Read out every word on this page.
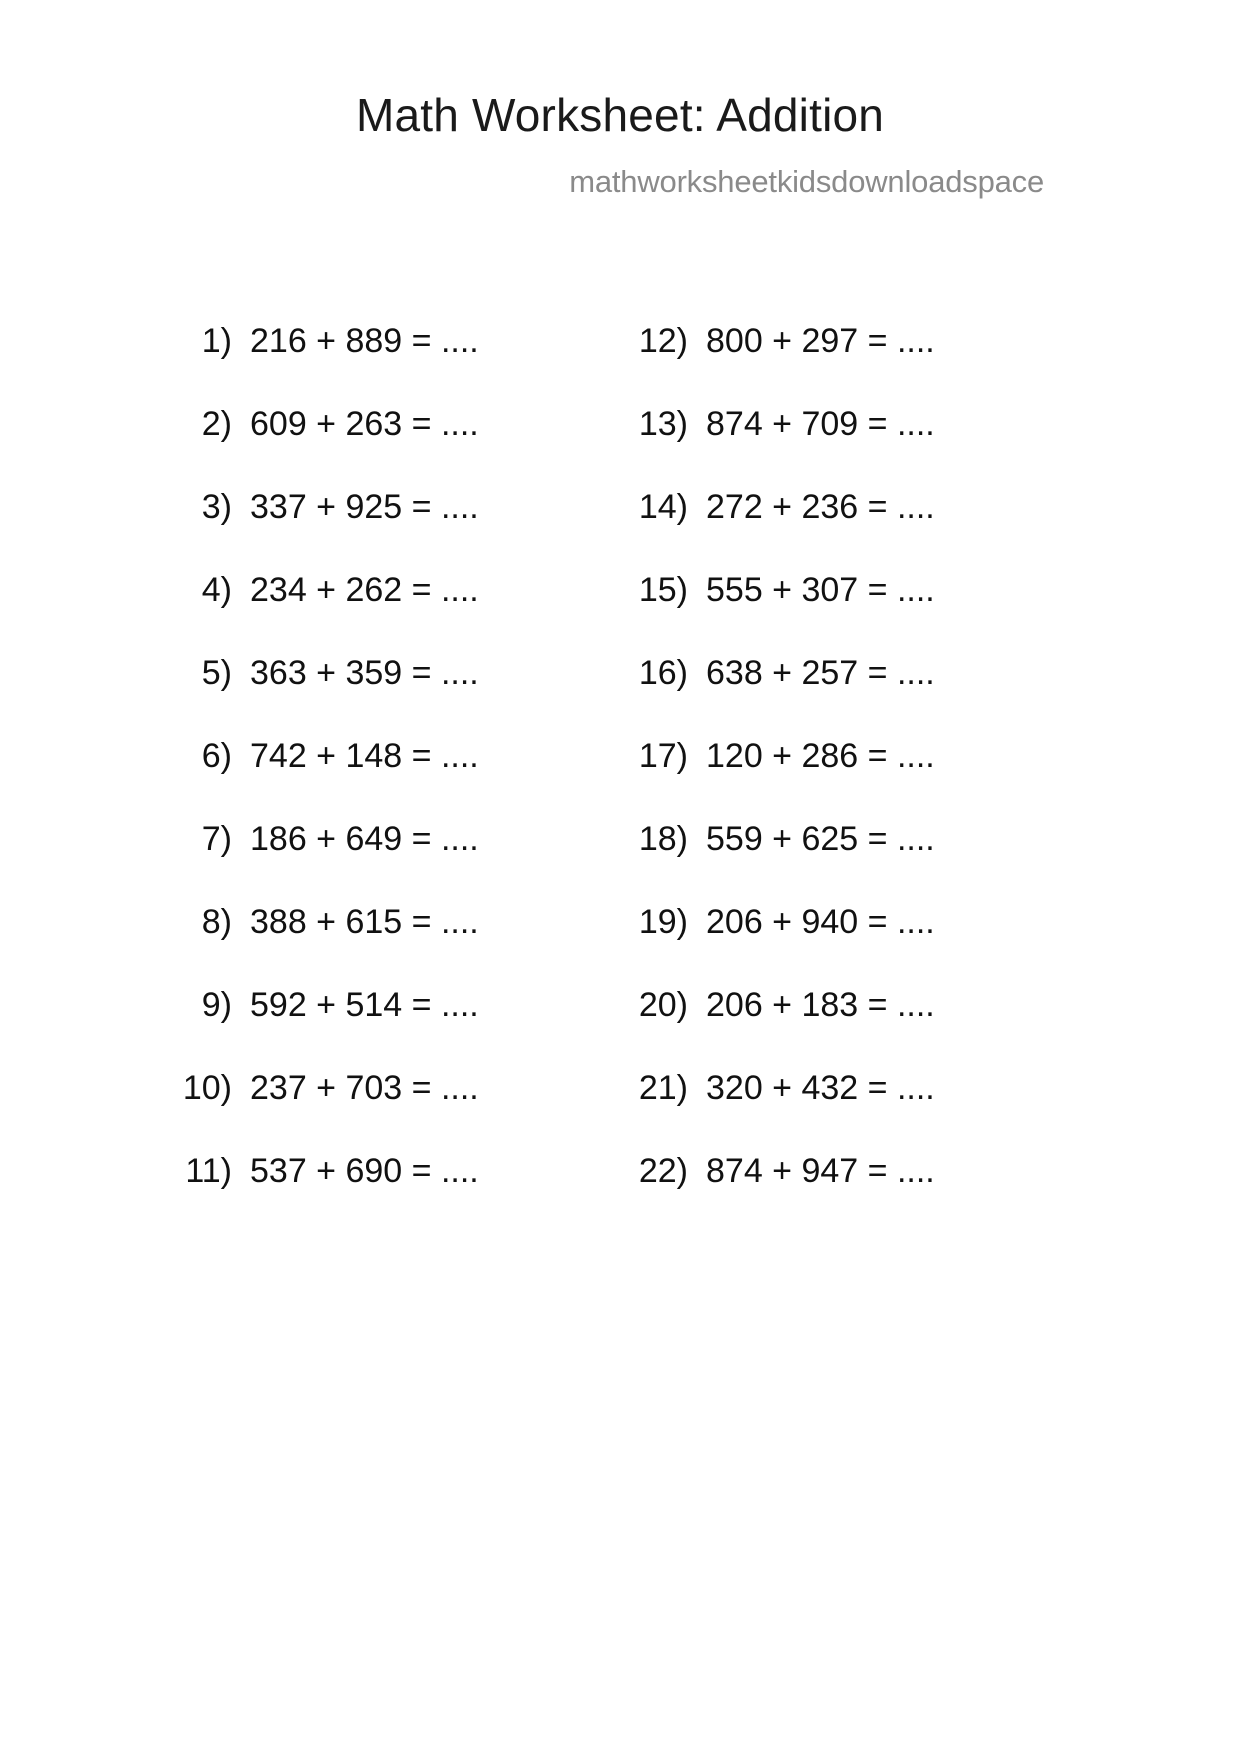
Math Worksheet: Addition
mathworksheetkidsdownloadspace
1) 216 + 889 = ....
2) 609 + 263 = ....
3) 337 + 925 = ....
4) 234 + 262 = ....
5) 363 + 359 = ....
6) 742 + 148 = ....
7) 186 + 649 = ....
8) 388 + 615 = ....
9) 592 + 514 = ....
10) 237 + 703 = ....
11) 537 + 690 = ....
12) 800 + 297 = ....
13) 874 + 709 = ....
14) 272 + 236 = ....
15) 555 + 307 = ....
16) 638 + 257 = ....
17) 120 + 286 = ....
18) 559 + 625 = ....
19) 206 + 940 = ....
20) 206 + 183 = ....
21) 320 + 432 = ....
22) 874 + 947 = ....
